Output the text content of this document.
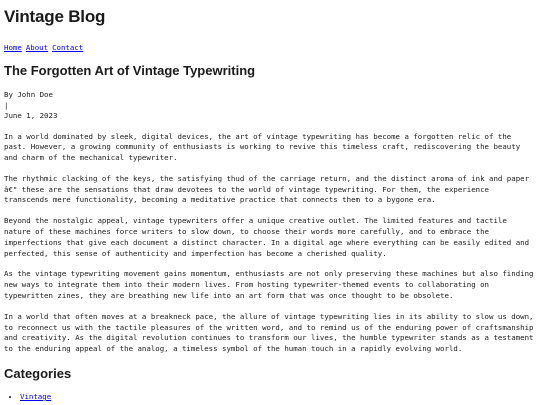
Vintage Blog
Home About Contact
The Forgotten Art of Vintage Typewriting
By John Doe
|
June 1, 2023

In a world dominated by sleek, digital devices, the art of vintage typewriting has become a forgotten relic of the past. However, a growing community of enthusiasts is working to revive this timeless craft, rediscovering the beauty and charm of the mechanical typewriter.

The rhythmic clacking of the keys, the satisfying thud of the carriage return, and the distinct aroma of ink and paper â€" these are the sensations that draw devotees to the world of vintage typewriting. For them, the experience transcends mere functionality, becoming a meditative practice that connects them to a bygone era.

Beyond the nostalgic appeal, vintage typewriters offer a unique creative outlet. The limited features and tactile nature of these machines force writers to slow down, to choose their words more carefully, and to embrace the imperfections that give each document a distinct character. In a digital age where everything can be easily edited and perfected, this sense of authenticity and imperfection has become a cherished quality.

As the vintage typewriting movement gains momentum, enthusiasts are not only preserving these machines but also finding new ways to integrate them into their modern lives. From hosting typewriter-themed events to collaborating on typewritten zines, they are breathing new life into an art form that was once thought to be obsolete.

In a world that often moves at a breakneck pace, the allure of vintage typewriting lies in its ability to slow us down, to reconnect us with the tactile pleasures of the written word, and to remind us of the enduring power of craftsmanship and creativity. As the digital revolution continues to transform our lives, the humble typewriter stands as a testament to the enduring appeal of the analog, a timeless symbol of the human touch in a rapidly evolving world.

Categories
• Vintage
